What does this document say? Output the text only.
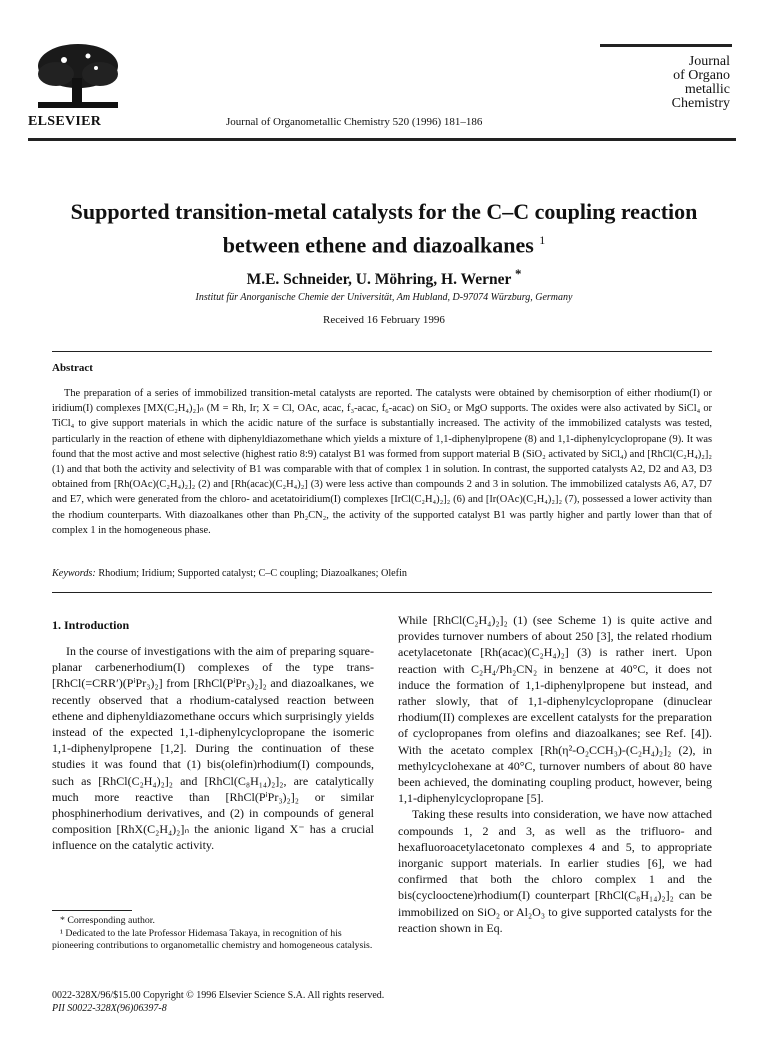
ELSEVIER	Journal of Organometallic Chemistry 520 (1996) 181–186
Journal
of Organo
metallic
Chemistry
Supported transition-metal catalysts for the C–C coupling reaction
between ethene and diazoalkanes $^1$
M.E. Schneider, U. Möhring, H. Werner *
Institut für Anorganische Chemie der Universität, Am Hubland, D-97074 Würzburg, Germany
Received 16 February 1996
Abstract
The preparation of a series of immobilized transition-metal catalysts are reported. The catalysts were obtained by chemisorption of either rhodium(I) or iridium(I) complexes [MX(C₂H₄)₂]ₙ (M = Rh, Ir; X = Cl, OAc, acac, f₃-acac, f₆-acac) on SiO₂ or MgO supports. The oxides were also activated by SiCl₄ or TiCl₄ to give support materials in which the acidic nature of the surface is substantially increased. The activity of the immobilized catalysts was tested, particularly in the reaction of ethene with diphenyldiazomethane which yields a mixture of 1,1-diphenylpropene (8) and 1,1-diphenylcyclopropane (9). It was found that the most active and most selective (highest ratio 8:9) catalyst B1 was formed from support material B (SiO₂ activated by SiCl₄) and [RhCl(C₂H₄)₂]₂ (1) and that both the activity and selectivity of B1 was comparable with that of complex 1 in solution. In contrast, the supported catalysts A2, D2 and A3, D3 obtained from [Rh(OAc)(C₂H₄)₂]₂ (2) and [Rh(acac)(C₂H₄)₂] (3) were less active than compounds 2 and 3 in solution. The immobilized catalysts A6, A7, D7 and E7, which were generated from the chloro- and acetatoiridium(I) complexes [IrCl(C₂H₄)₂]₂ (6) and [Ir(OAc)(C₂H₄)₂]₂ (7), possessed a lower activity than the rhodium counterparts. With diazoalkanes other than Ph₂CN₂, the activity of the supported catalyst B1 was partly higher and partly lower than that of complex 1 in the homogeneous phase.
Keywords: Rhodium; Iridium; Supported catalyst; C–C coupling; Diazoalkanes; Olefin
1. Introduction

In the course of investigations with the aim of preparing square-planar carbenerhodium(I) complexes of the type trans-[RhCl(=CRR′)(PⁱPr₃)₂] from [RhCl(PⁱPr₃)₂]₂ and diazoalkanes, we recently observed that a rhodium-catalysed reaction between ethene and diphenyldiazomethane occurs which surprisingly yields instead of the expected 1,1-diphenylcyclopropane the isomeric 1,1-diphenylpropene [1,2]. During the continuation of these studies it was found that (1) bis(olefin)rhodium(I) compounds, such as [RhCl(C₂H₄)₂]₂ and [RhCl(C₈H₁₄)₂]₂, are catalytically much more reactive than [RhCl(PⁱPr₃)₂]₂ or similar phosphinerhodium derivatives, and (2) in compounds of general composition [RhX(C₂H₄)₂]ₙ the anionic ligand X⁻ has a crucial influence on the catalytic activity.

While [RhCl(C₂H₄)₂]₂ (1) (see Scheme 1) is quite active and provides turnover numbers of about 250 [3], the related rhodium acetylacetonate [Rh(acac)(C₂H₄)₂] (3) is rather inert. Upon reaction with C₂H₄/Ph₂CN₂ in benzene at 40°C, it does not induce the formation of 1,1-diphenylpropene but instead, and rather slowly, that of 1,1-diphenylcyclopropane (dinuclear rhodium(II) complexes are excellent catalysts for the preparation of cyclopropanes from olefins and diazoalkanes; see Ref. [4]). With the acetato complex [Rh(η²-O₂CCH₃)-(C₂H₄)₂]₂ (2), in methylcyclohexane at 40°C, turnover numbers of about 80 have been achieved, the dominating coupling product, however, being 1,1-diphenylcyclopropane [5].

Taking these results into consideration, we have now attached compounds 1, 2 and 3, as well as the trifluoro- and hexafluoroacetylacetonato complexes 4 and 5, to appropriate inorganic support materials. In earlier studies [6], we had confirmed that both the chloro complex 1 and the bis(cyclooctene)rhodium(I) counterpart [RhCl(C₈H₁₄)₂]₂ can be immobilized on SiO₂ or Al₂O₃ to give supported catalysts for the reaction shown in Eq.

* Corresponding author.
¹ Dedicated to the late Professor Hidemasa Takaya, in recognition of his pioneering contributions to organometallic chemistry and homogeneous catalysis.
0022-328X/96/$15.00 Copyright © 1996 Elsevier Science S.A. All rights reserved.
PII S0022-328X(96)06397-8
